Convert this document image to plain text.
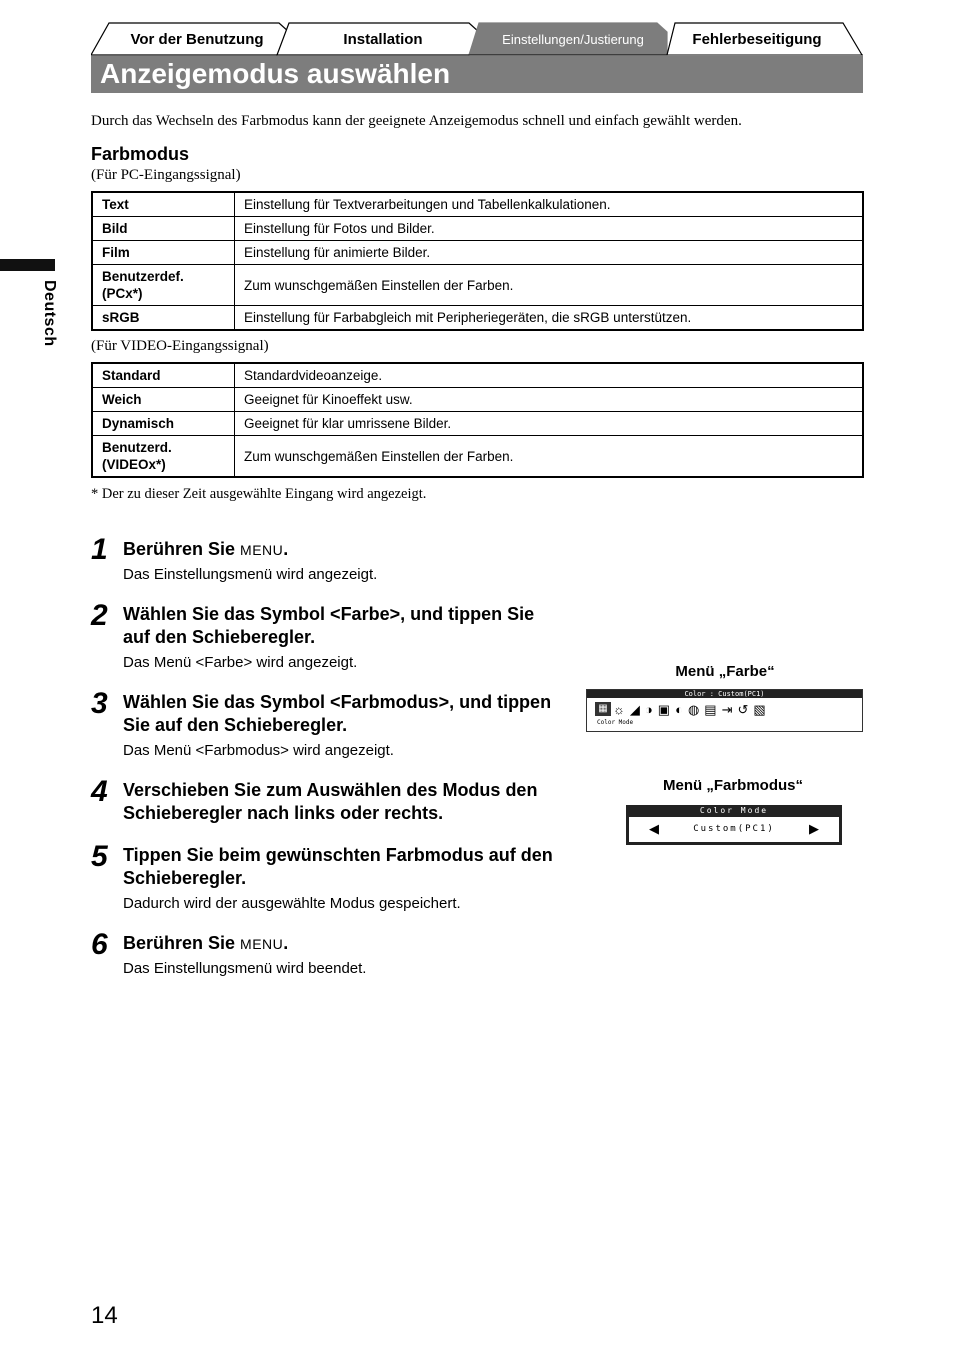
Vor der Benutzung	Installation	Einstellungen/Justierung	Fehlerbeseitigung
Anzeigemodus auswählen
Deutsch
Durch das Wechseln des Farbmodus kann der geeignete Anzeigemodus schnell und einfach gewählt werden.
Farbmodus
(Für PC-Eingangssignal)
Text	Einstellung für Textverarbeitungen und Tabellenkalkulationen.
Bild	Einstellung für Fotos und Bilder.
Film	Einstellung für animierte Bilder.
Benutzerdef. (PCx*)	Zum wunschgemäßen Einstellen der Farben.
sRGB	Einstellung für Farbabgleich mit Peripheriegeräten, die sRGB unterstützen.
(Für VIDEO-Eingangssignal)
Standard	Standardvideoanzeige.
Weich	Geeignet für Kinoeffekt usw.
Dynamisch	Geeignet für klar umrissene Bilder.
Benutzerd. (VIDEOx*)	Zum wunschgemäßen Einstellen der Farben.
* Der zu dieser Zeit ausgewählte Eingang wird angezeigt.
1 Berühren Sie MENU.
Das Einstellungsmenü wird angezeigt.
2 Wählen Sie das Symbol <Farbe>, und tippen Sie auf den Schieberegler.
Das Menü <Farbe> wird angezeigt.
3 Wählen Sie das Symbol <Farbmodus>, und tippen Sie auf den Schieberegler.
Das Menü <Farbmodus> wird angezeigt.
4 Verschieben Sie zum Auswählen des Modus den Schieberegler nach links oder rechts.
5 Tippen Sie beim gewünschten Farbmodus auf den Schieberegler.
Dadurch wird der ausgewählte Modus gespeichert.
6 Berühren Sie MENU.
Das Einstellungsmenü wird beendet.
Menü „Farbe“
Color : Custom(PC1)
▦ ☼◢◑▣◐◍▤⇥↺▧
Color Mode
Menü „Farbmodus“
Color Mode
◀	Custom(PC1)	▶
14
